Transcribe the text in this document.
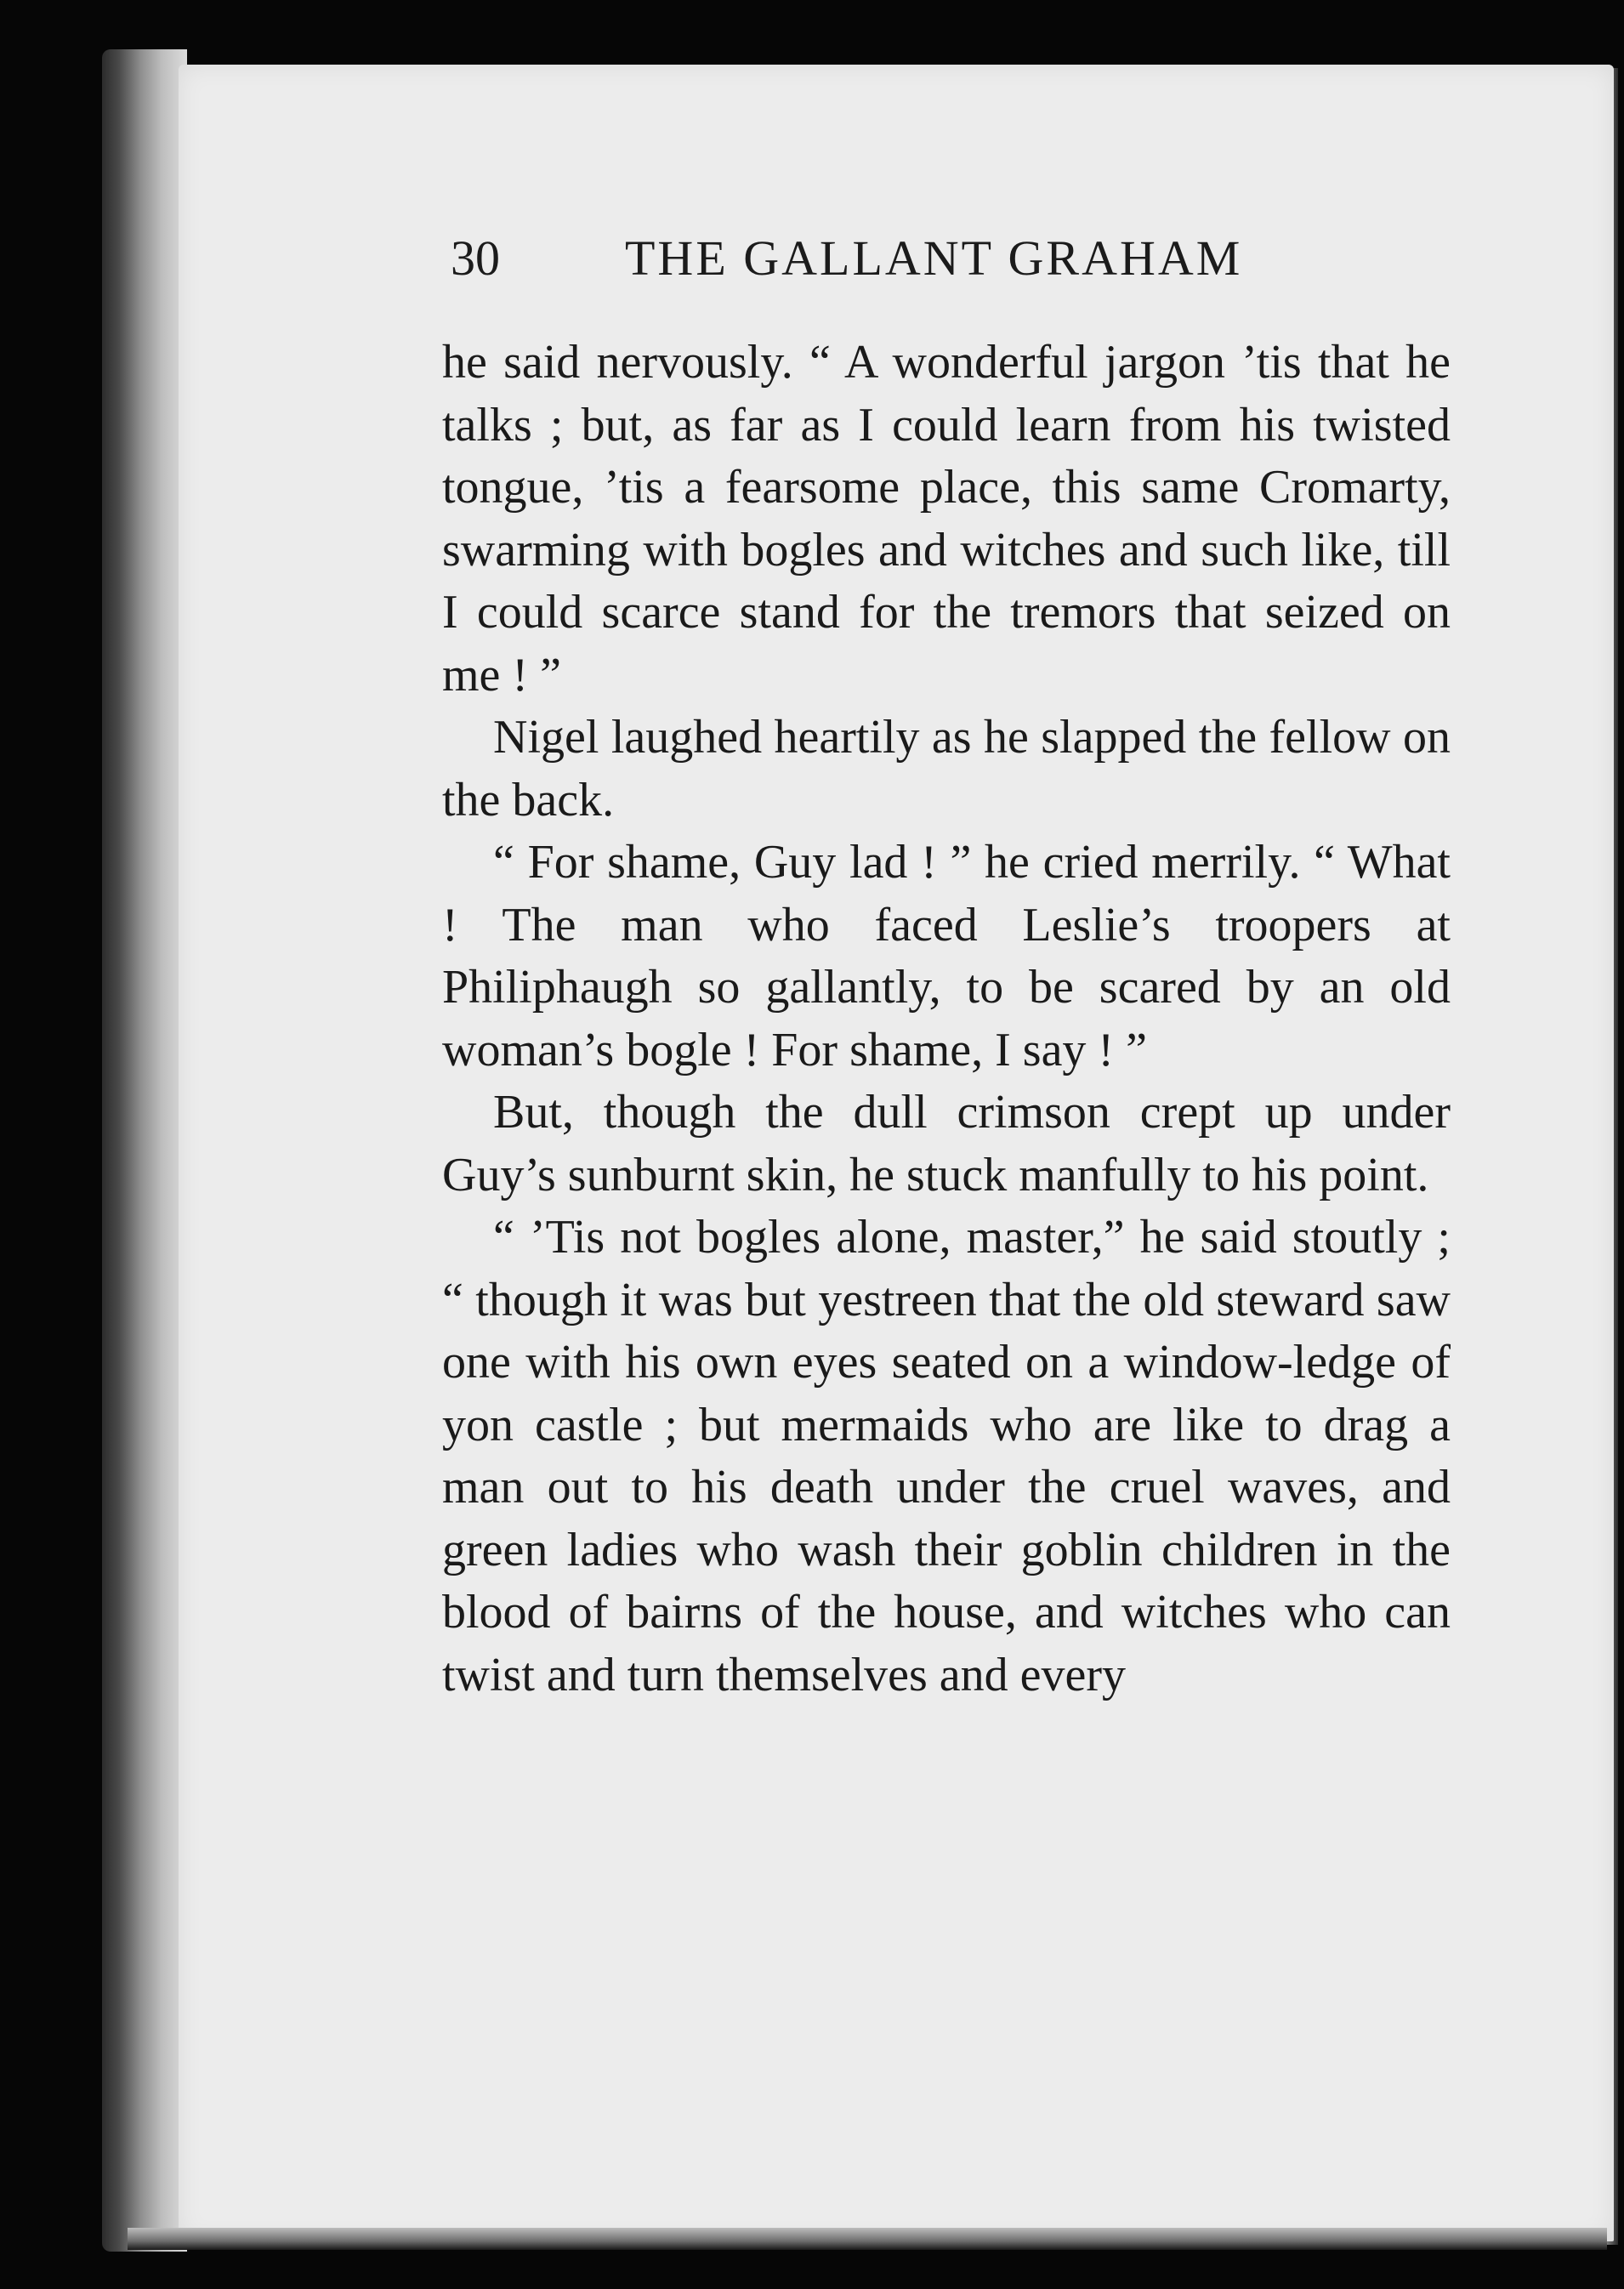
30	THE GALLANT GRAHAM

he said nervously. “ A wonderful jargon ’tis that he talks ; but, as far as I could learn from his twisted tongue, ’tis a fearsome place, this same Cromarty, swarming with bogles and witches and such like, till I could scarce stand for the tremors that seized on me ! ”

Nigel laughed heartily as he slapped the fellow on the back.

“ For shame, Guy lad ! ” he cried merrily. “ What ! The man who faced Leslie’s troopers at Philiphaugh so gallantly, to be scared by an old woman’s bogle ! For shame, I say ! ”

But, though the dull crimson crept up under Guy’s sunburnt skin, he stuck manfully to his point.

“ ’Tis not bogles alone, master,” he said stoutly ; “ though it was but yestreen that the old steward saw one with his own eyes seated on a window-ledge of yon castle ; but mermaids who are like to drag a man out to his death under the cruel waves, and green ladies who wash their goblin children in the blood of bairns of the house, and witches who can twist and turn themselves and every
